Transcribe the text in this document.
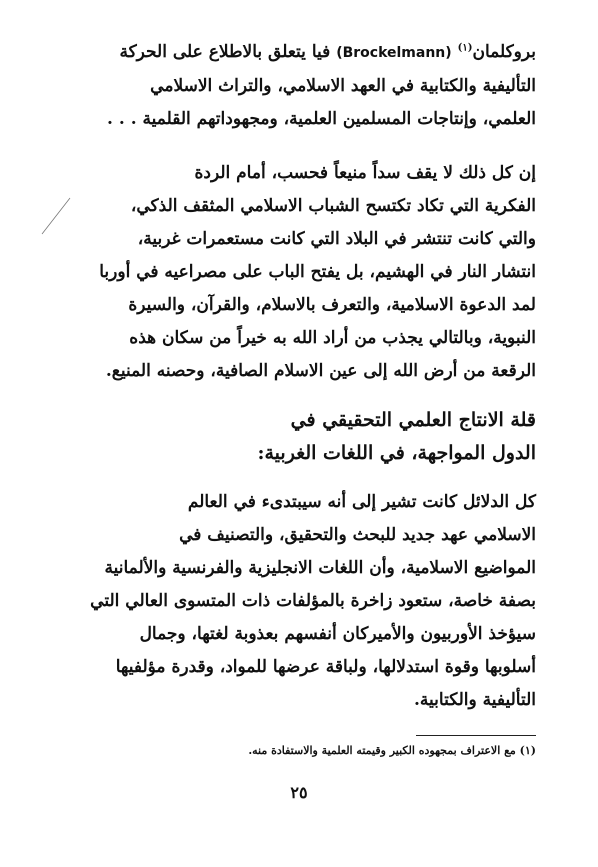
بروكلمان$^{(١)}$ (Brockelmann) فيا يتعلق بالاطلاع على الحركة
التأليفية والكتابية في العهد الاسلامي، والتراث الاسلامي
العلمي، وإنتاجات المسلمين العلمية، ومجهوداتهم القلمية . . .
إن كل ذلك لا يقف سداً منيعاً فحسب، أمام الردة
الفكرية التي تكاد تكتسح الشباب الاسلامي المثقف الذكي،
والتي كانت تنتشر في البلاد التي كانت مستعمرات غربية،
انتشار النار في الهشيم، بل يفتح الباب على مصراعيه في أوربا
لمد الدعوة الاسلامية، والتعرف بالاسلام، والقرآن، والسيرة
النبوية، وبالتالي يجذب من أراد الله به خيراً من سكان هذه
الرقعة من أرض الله إلى عين الاسلام الصافية، وحصنه المنيع.
قلة الانتاج العلمي التحقيقي في
الدول المواجهة، في اللغات الغربية:
كل الدلائل كانت تشير إلى أنه سيبتدىء في العالم
الاسلامي عهد جديد للبحث والتحقيق، والتصنيف في
المواضيع الاسلامية، وأن اللغات الانجليزية والفرنسية والألمانية
بصفة خاصة، ستعود زاخرة بالمؤلفات ذات المتسوى العالي التي
سيؤخذ الأوربيون والأميركان أنفسهم بعذوبة لغتها، وجمال
أسلوبها وقوة استدلالها، ولباقة عرضها للمواد، وقدرة مؤلفيها
التأليفية والكتابية.
(١) مع الاعتراف بمجهوده الكبير وقيمته العلمية والاستفادة منه.
٢٥
